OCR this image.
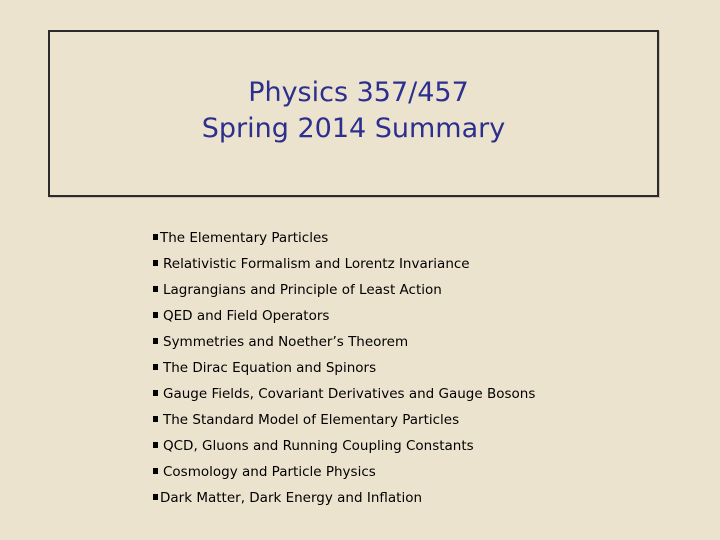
Physics 357/457
Spring 2014 Summary
The Elementary Particles
Relativistic Formalism and Lorentz Invariance
Lagrangians and Principle of Least Action
QED and Field Operators
Symmetries and Noether’s Theorem
The Dirac Equation and Spinors
Gauge Fields, Covariant Derivatives and Gauge Bosons
The Standard Model of Elementary Particles
QCD, Gluons and Running Coupling Constants
Cosmology and Particle Physics
Dark Matter, Dark Energy and Inflation
